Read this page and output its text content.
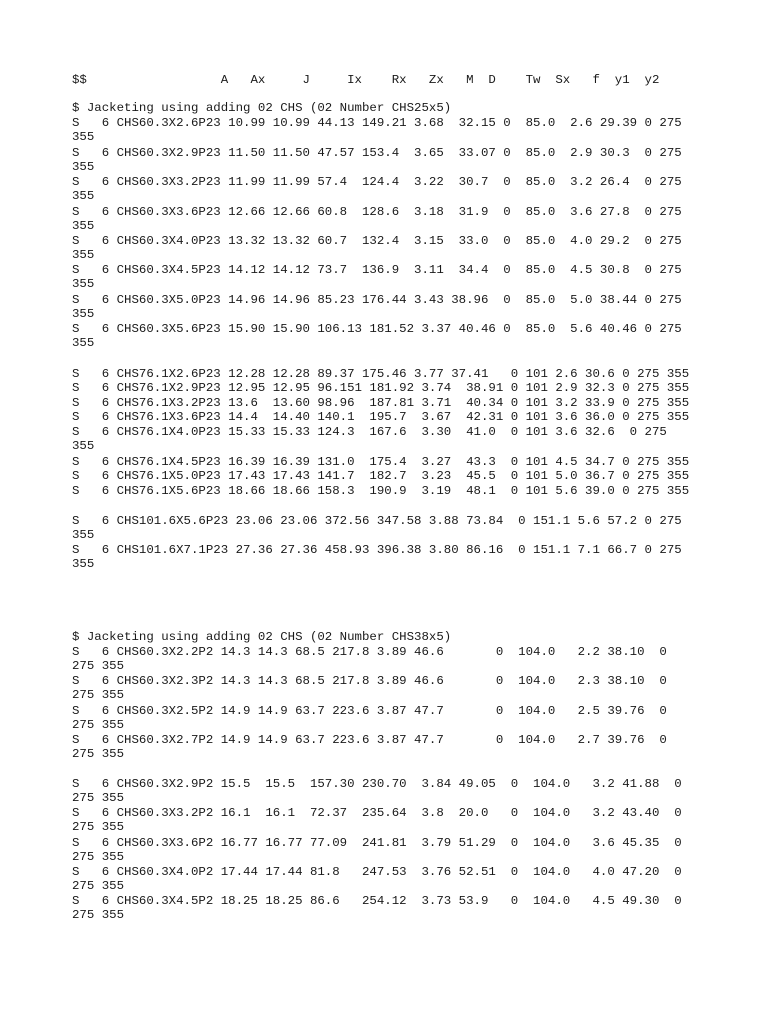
$$                  A   Ax     J     Ix    Rx   Zx   M  D    Tw  Sx   f  y1  y2
$ Jacketing using adding 02 CHS (02 Number CHS25x5)
S   6 CHS60.3X2.6P23 10.99 10.99 44.13 149.21 3.68  32.15 0  85.0  2.6 29.39 0 275
355
S   6 CHS60.3X2.9P23 11.50 11.50 47.57 153.4  3.65  33.07 0  85.0  2.9 30.3  0 275
355
S   6 CHS60.3X3.2P23 11.99 11.99 57.4  124.4  3.22  30.7  0  85.0  3.2 26.4  0 275
355
S   6 CHS60.3X3.6P23 12.66 12.66 60.8  128.6  3.18  31.9  0  85.0  3.6 27.8  0 275
355
S   6 CHS60.3X4.0P23 13.32 13.32 60.7  132.4  3.15  33.0  0  85.0  4.0 29.2  0 275
355
S   6 CHS60.3X4.5P23 14.12 14.12 73.7  136.9  3.11  34.4  0  85.0  4.5 30.8  0 275
355
S   6 CHS60.3X5.0P23 14.96 14.96 85.23 176.44 3.43 38.96  0  85.0  5.0 38.44 0 275
355
S   6 CHS60.3X5.6P23 15.90 15.90 106.13 181.52 3.37 40.46 0  85.0  5.6 40.46 0 275
355
S   6 CHS76.1X2.6P23 12.28 12.28 89.37 175.46 3.77 37.41   0 101 2.6 30.6 0 275 355
S   6 CHS76.1X2.9P23 12.95 12.95 96.151 181.92 3.74  38.91 0 101 2.9 32.3 0 275 355
S   6 CHS76.1X3.2P23 13.6  13.60 98.96  187.81 3.71  40.34 0 101 3.2 33.9 0 275 355
S   6 CHS76.1X3.6P23 14.4  14.40 140.1  195.7  3.67  42.31 0 101 3.6 36.0 0 275 355
S   6 CHS76.1X4.0P23 15.33 15.33 124.3  167.6  3.30  41.0  0 101 3.6 32.6  0 275
355
S   6 CHS76.1X4.5P23 16.39 16.39 131.0  175.4  3.27  43.3  0 101 4.5 34.7 0 275 355
S   6 CHS76.1X5.0P23 17.43 17.43 141.7  182.7  3.23  45.5  0 101 5.0 36.7 0 275 355
S   6 CHS76.1X5.6P23 18.66 18.66 158.3  190.9  3.19  48.1  0 101 5.6 39.0 0 275 355
S   6 CHS101.6X5.6P23 23.06 23.06 372.56 347.58 3.88 73.84  0 151.1 5.6 57.2 0 275
355
S   6 CHS101.6X7.1P23 27.36 27.36 458.93 396.38 3.80 86.16  0 151.1 7.1 66.7 0 275
355
$ Jacketing using adding 02 CHS (02 Number CHS38x5)
S   6 CHS60.3X2.2P2 14.3 14.3 68.5 217.8 3.89 46.6       0  104.0   2.2 38.10  0
275 355
S   6 CHS60.3X2.3P2 14.3 14.3 68.5 217.8 3.89 46.6       0  104.0   2.3 38.10  0
275 355
S   6 CHS60.3X2.5P2 14.9 14.9 63.7 223.6 3.87 47.7       0  104.0   2.5 39.76  0
275 355
S   6 CHS60.3X2.7P2 14.9 14.9 63.7 223.6 3.87 47.7       0  104.0   2.7 39.76  0
275 355
S   6 CHS60.3X2.9P2 15.5  15.5  157.30 230.70  3.84 49.05  0  104.0   3.2 41.88  0
275 355
S   6 CHS60.3X3.2P2 16.1  16.1  72.37  235.64  3.8  20.0   0  104.0   3.2 43.40  0
275 355
S   6 CHS60.3X3.6P2 16.77 16.77 77.09  241.81  3.79 51.29  0  104.0   3.6 45.35  0
275 355
S   6 CHS60.3X4.0P2 17.44 17.44 81.8   247.53  3.76 52.51  0  104.0   4.0 47.20  0
275 355
S   6 CHS60.3X4.5P2 18.25 18.25 86.6   254.12  3.73 53.9   0  104.0   4.5 49.30  0
275 355
